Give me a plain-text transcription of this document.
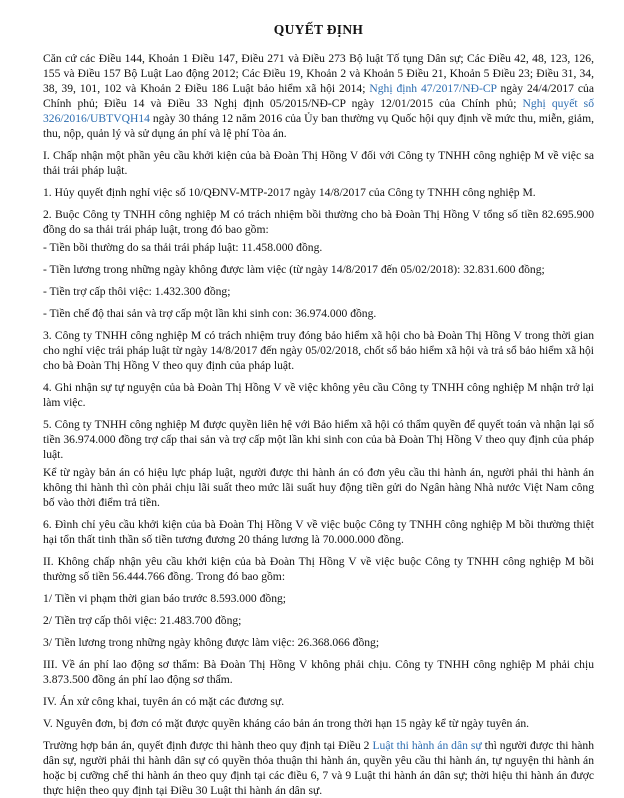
QUYẾT ĐỊNH

Căn cứ các Điều 144, Khoản 1 Điều 147, Điều 271 và Điều 273 Bộ luật Tố tụng Dân sự; Các Điều 42, 48, 123, 126, 155 và Điều 157 Bộ Luật Lao động 2012; Các Điều 19, Khoản 2 và Khoản 5 Điều 21, Khoản 5 Điều 23; Điều 31, 34, 38, 39, 101, 102 và Khoản 2 Điều 186 Luật bảo hiểm xã hội 2014; Nghị định 47/2017/NĐ-CP ngày 24/4/2017 của Chính phủ; Điều 14 và Điều 33 Nghị định 05/2015/NĐ-CP ngày 12/01/2015 của Chính phủ; Nghị quyết số 326/2016/UBTVQH14 ngày 30 tháng 12 năm 2016 của Ủy ban thường vụ Quốc hội quy định về mức thu, miễn, giảm, thu, nộp, quản lý và sử dụng án phí và lệ phí Tòa án.

I. Chấp nhận một phần yêu cầu khởi kiện của bà Đoàn Thị Hồng V đối với Công ty TNHH công nghiệp M về việc sa thải trái pháp luật.

1. Hủy quyết định nghỉ việc số 10/QĐNV-MTP-2017 ngày 14/8/2017 của Công ty TNHH công nghiệp M.

2. Buộc Công ty TNHH công nghiệp M có trách nhiệm bồi thường cho bà Đoàn Thị Hồng V tổng số tiền 82.695.900 đồng do sa thải trái pháp luật, trong đó bao gồm:

- Tiền bồi thường do sa thải trái pháp luật: 11.458.000 đồng.

- Tiền lương trong những ngày không được làm việc (từ ngày 14/8/2017 đến 05/02/2018): 32.831.600 đồng;

- Tiền trợ cấp thôi việc: 1.432.300 đồng;

- Tiền chế độ thai sản và trợ cấp một lần khi sinh con: 36.974.000 đồng.

3. Công ty TNHH công nghiệp M có trách nhiệm truy đóng bảo hiểm xã hội cho bà Đoàn Thị Hồng V trong thời gian cho nghỉ việc trái pháp luật từ ngày 14/8/2017 đến ngày 05/02/2018, chốt sổ bảo hiểm xã hội và trả sổ bảo hiểm xã hội cho bà Đoàn Thị Hồng V theo quy định của pháp luật.

4. Ghi nhận sự tự nguyện của bà Đoàn Thị Hồng V về việc không yêu cầu Công ty TNHH công nghiệp M nhận trở lại làm việc.

5. Công ty TNHH công nghiệp M được quyền liên hệ với Bảo hiểm xã hội có thẩm quyền để quyết toán và nhận lại số tiền 36.974.000 đồng trợ cấp thai sản và trợ cấp một lần khi sinh con của bà Đoàn Thị Hồng V theo quy định của pháp luật.

Kể từ ngày bản án có hiệu lực pháp luật, người được thi hành án có đơn yêu cầu thi hành án, người phải thi hành án không thi hành thì còn phải chịu lãi suất theo mức lãi suất huy động tiền gửi do Ngân hàng Nhà nước Việt Nam công bố vào thời điểm trả tiền.

6. Đình chỉ yêu cầu khởi kiện của bà Đoàn Thị Hồng V về việc buộc Công ty TNHH công nghiệp M bồi thường thiệt hại tổn thất tinh thần số tiền tương đương 20 tháng lương là 70.000.000 đồng.

II. Không chấp nhận yêu cầu khởi kiện của bà Đoàn Thị Hồng V về việc buộc Công ty TNHH công nghiệp M bồi thường số tiền 56.444.766 đồng. Trong đó bao gồm:

1/ Tiền vi phạm thời gian báo trước 8.593.000 đồng;

2/ Tiền trợ cấp thôi việc: 21.483.700 đồng;

3/ Tiền lương trong những ngày không được làm việc: 26.368.066 đồng;

III. Về án phí lao động sơ thẩm: Bà Đoàn Thị Hồng V không phải chịu. Công ty TNHH công nghiệp M phải chịu 3.873.500 đồng án phí lao động sơ thẩm.

IV. Án xử công khai, tuyên án có mặt các đương sự.

V. Nguyên đơn, bị đơn có mặt được quyền kháng cáo bản án trong thời hạn 15 ngày kể từ ngày tuyên án.

Trường hợp bản án, quyết định được thi hành theo quy định tại Điều 2 Luật thi hành án dân sự thì người được thi hành dân sự, người phải thi hành dân sự có quyền thỏa thuận thi hành án, quyền yêu cầu thi hành án, tự nguyện thi hành án hoặc bị cưỡng chế thi hành án theo quy định tại các điều 6, 7 và 9 Luật thi hành án dân sự; thời hiệu thi hành án được thực hiện theo quy định tại Điều 30 Luật thi hành án dân sự.
